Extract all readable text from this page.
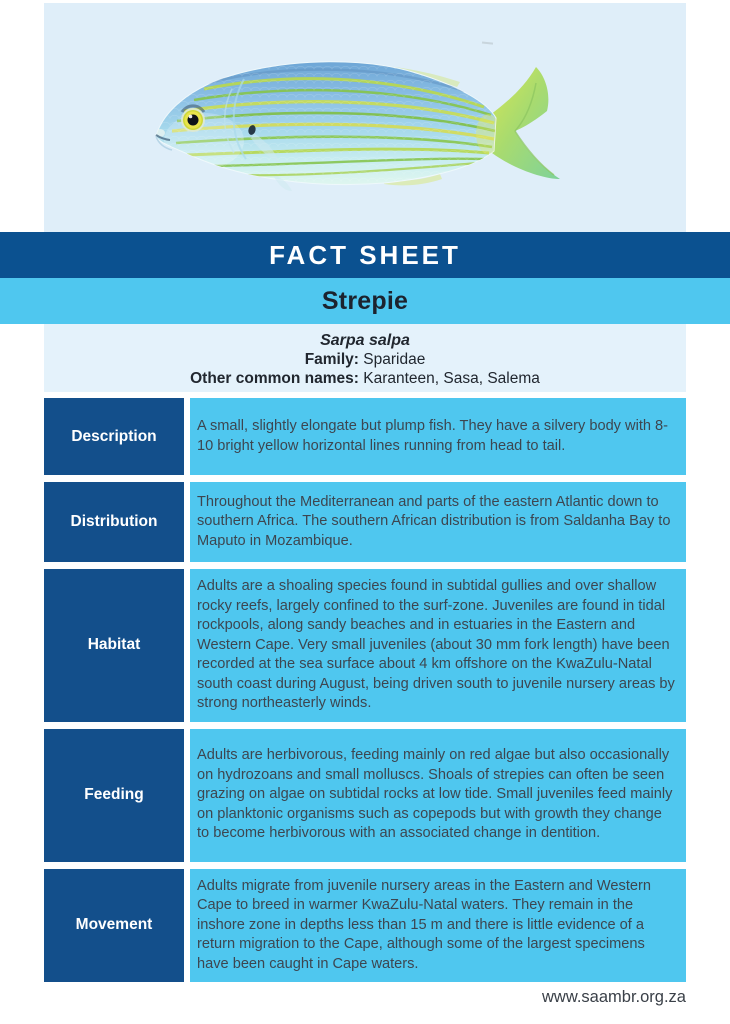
FACT SHEET
Strepie
Sarpa salpa
Family: Sparidae
Other common names: Karanteen, Sasa, Salema
Description

A small, slightly elongate but plump fish. They have a silvery body with 8-10 bright yellow horizontal lines running from head to tail.

Distribution

Throughout the Mediterranean and parts of the eastern Atlantic down to southern Africa. The southern African distribution is from Saldanha Bay to Maputo in Mozambique.

Habitat

Adults are a shoaling species found in subtidal gullies and over shallow rocky reefs, largely confined to the surf-zone. Juveniles are found in tidal rockpools, along sandy beaches and in estuaries in the Eastern and Western Cape. Very small juveniles (about 30 mm fork length) have been recorded at the sea surface about 4 km offshore on the KwaZulu-Natal south coast during August, being driven south to juvenile nursery areas by strong northeasterly winds.

Feeding

Adults are herbivorous, feeding mainly on red algae but also occasionally on hydrozoans and small molluscs. Shoals of strepies can often be seen grazing on algae on subtidal rocks at low tide. Small juveniles feed mainly on planktonic organisms such as copepods but with growth they change to become herbivorous with an associated change in dentition.

Movement

Adults migrate from juvenile nursery areas in the Eastern and Western Cape to breed in warmer KwaZulu-Natal waters. They remain in the inshore zone in depths less than 15 m and there is little evidence of a return migration to the Cape, although some of the largest specimens have been caught in Cape waters.

www.saambr.org.za
